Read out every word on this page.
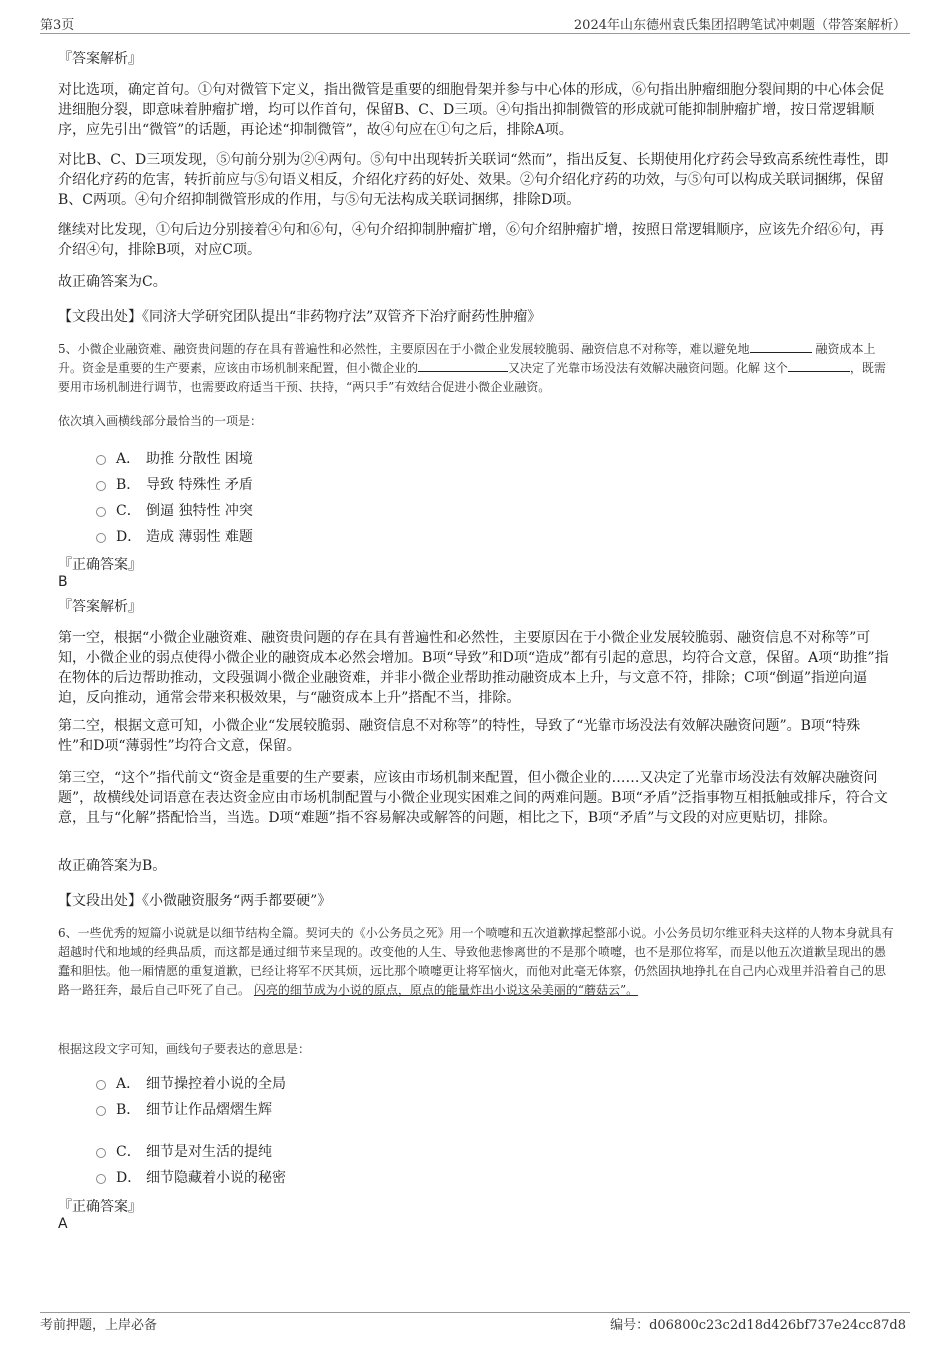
第3页	2024年山东德州袁氏集团招聘笔试冲刺题（带答案解析）
『答案解析』
对比选项，确定首句。①句对微管下定义，指出微管是重要的细胞骨架并参与中心体的形成，⑥句指出肿瘤细胞分裂间期的中心体会促进细胞分裂，即意味着肿瘤扩增，均可以作首句，保留B、C、D三项。④句指出抑制微管的形成就可能抑制肿瘤扩增，按日常逻辑顺序，应先引出“微管”的话题，再论述“抑制微管”，故④句应在①句之后，排除A项。
对比B、C、D三项发现，⑤句前分别为②④两句。⑤句中出现转折关联词“然而”，指出反复、长期使用化疗药会导致高系统性毒性，即介绍化疗药的危害，转折前应与⑤句语义相反，介绍化疗药的好处、效果。②句介绍化疗药的功效，与⑤句可以构成关联词捆绑，保留B、C两项。④句介绍抑制微管形成的作用，与⑤句无法构成关联词捆绑，排除D项。
继续对比发现，①句后边分别接着④句和⑥句，④句介绍抑制肿瘤扩增，⑥句介绍肿瘤扩增，按照日常逻辑顺序，应该先介绍⑥句，再介绍④句，排除B项，对应C项。
故正确答案为C。
【文段出处】《同济大学研究团队提出“非药物疗法”双管齐下治疗耐药性肿瘤》
5、小微企业融资难、融资贵问题的存在具有普遍性和必然性，主要原因在于小微企业发展较脆弱、融资信息不对称等，难以避免地	融资成本上升。资金是重要的生产要素，应该由市场机制来配置，但小微企业的	又决定了光靠市场没法有效解决融资问题。化解 这个	，既需要用市场机制进行调节，也需要政府适当干预、扶持，“两只手”有效结合促进小微企业融资。
依次填入画横线部分最恰当的一项是：
A． 助推 分散性 困境
B． 导致 特殊性 矛盾
C． 倒逼 独特性 冲突
D． 造成 薄弱性 难题
『正确答案』
B
『答案解析』
第一空，根据“小微企业融资难、融资贵问题的存在具有普遍性和必然性，主要原因在于小微企业发展较脆弱、融资信息不对称等”可知，小微企业的弱点使得小微企业的融资成本必然会增加。B项“导致”和D项“造成”都有引起的意思，均符合文意，保留。A项“助推”指在物体的后边帮助推动，文段强调小微企业融资难，并非小微企业帮助推动融资成本上升，与文意不符，排除；C项“倒逼”指逆向逼迫，反向推动，通常会带来积极效果，与“融资成本上升”搭配不当，排除。
第二空，根据文意可知，小微企业“发展较脆弱、融资信息不对称等”的特性，导致了“光靠市场没法有效解决融资问题”。B项“特殊性”和D项“薄弱性”均符合文意，保留。
第三空，“这个”指代前文“资金是重要的生产要素，应该由市场机制来配置，但小微企业的……又决定了光靠市场没法有效解决融资问题”，故横线处词语意在表达资金应由市场机制配置与小微企业现实困难之间的两难问题。B项“矛盾”泛指事物互相抵触或排斥，符合文意，且与“化解”搭配恰当，当选。D项“难题”指不容易解决或解答的问题，相比之下，B项“矛盾”与文段的对应更贴切，排除。
故正确答案为B。
【文段出处】《小微融资服务“两手都要硬”》
6、一些优秀的短篇小说就是以细节结构全篇。契诃夫的《小公务员之死》用一个喷嚏和五次道歉撑起整部小说。小公务员切尔维亚科夫这样的人物本身就具有超越时代和地域的经典品质，而这都是通过细节来呈现的。改变他的人生、导致他悲惨离世的不是那个喷嚏，也不是那位将军，而是以他五次道歉呈现出的愚蠢和胆怯。他一厢情愿的重复道歉，已经让将军不厌其烦，远比那个喷嚏更让将军恼火，而他对此毫无体察，仍然固执地挣扎在自己内心戏里并沿着自己的思路一路狂奔，最后自己吓死了自己。 闪亮的细节成为小说的原点，原点的能量炸出小说这朵美丽的“蘑菇云”。
根据这段文字可知，画线句子要表达的意思是：
A． 细节操控着小说的全局
B． 细节让作品熠熠生辉
C． 细节是对生活的提纯
D． 细节隐藏着小说的秘密
『正确答案』
A
考前押题，上岸必备	编号：d06800c23c2d18d426bf737e24cc87d8
